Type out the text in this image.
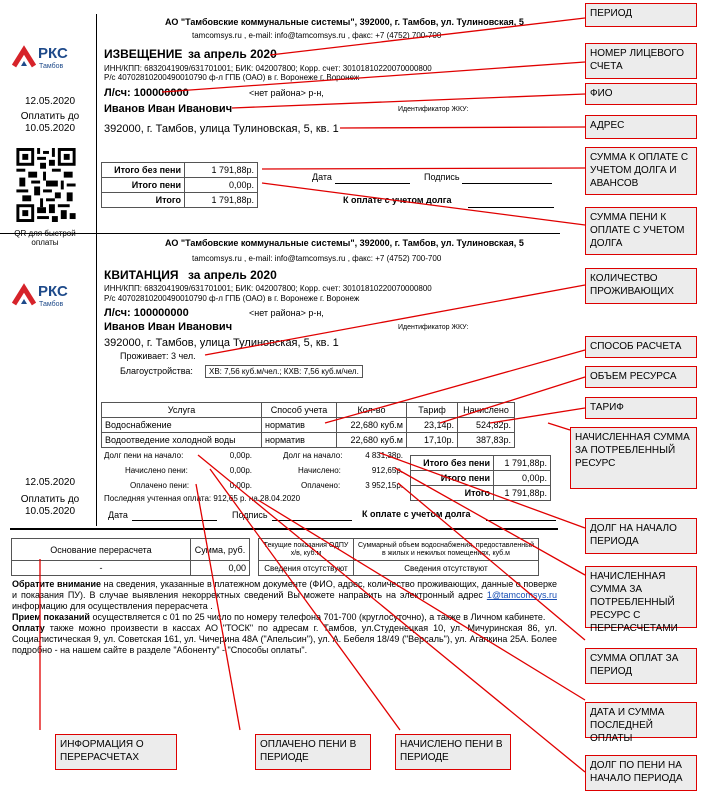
РКС
Тамбов
12.05.2020
Оплатить до
10.05.2020
оплаты
АО "Тамбовские коммунальные системы", 392000, г. Тамбов, ул. Тулиновская, 5
tamcomsys.ru , e-mail: info@tamcomsys.ru , факс: +7 (4752) 700-700
ИЗВЕЩЕНИЕ за апрель 2020
ИНН/КПП: 6832041909/631701001; БИК: 042007800; Корр. счет: 30101810220070000800
Р/с 40702810200490010790 ф-л ГПБ (ОАО) в г. Воронеже г. Воронеж
Л/сч: 100000000	<нет района> р-н,
Иванов Иван Иванович	Идентификатор ЖКУ:
392000, г. Тамбов, улица Тулиновская, 5, кв. 1
Итого без пени	1 791,88р.
Итого пени	0,00р.
Итого	1 791,88р.
Дата	Подпись
К оплате с учетом долга
РКС
Тамбов
12.05.2020
Оплатить до
10.05.2020
АО "Тамбовские коммунальные системы", 392000, г. Тамбов, ул. Тулиновская, 5
tamcomsys.ru , e-mail: info@tamcomsys.ru , факс: +7 (4752) 700-700
КВИТАНЦИЯ за апрель 2020
ИНН/КПП: 6832041909/631701001; БИК: 042007800; Корр. счет: 30101810220070000800
Р/с 40702810200490010790 ф-л ГПБ (ОАО) в г. Воронеже г. Воронеж
Л/сч: 100000000	<нет района> р-н,
Иванов Иван Иванович	Идентификатор ЖКУ:
392000, г. Тамбов, улица Тулиновская, 5, кв. 1
Проживает: 3 чел.
Благоустройства:	ХВ: 7,56 куб.м/чел.; КХВ: 7,56 куб.м/чел.
Услуга	Способ учета	Кол-во	Тариф	Начислено
Водоснабжение	норматив	22,680 куб.м	23,14р.	524,82р.
Водоотведение холодной воды	норматив	22,680 куб.м	17,10р.	387,83р.
Долг пени на начало:	0,00р.
Начислено пени:	0,00р.
Оплачено пени:	0,00р.
Долг на начало:	4 831,38р.
Начислено:	912,65р.
Оплачено:	3 952,15р.
Итого без пени	1 791,88р.
Итого пени	0,00р.
Итого	1 791,88р.
Последняя учтенная оплата: 912,65 р. на 28.04.2020
Дата	Подпись	К оплате с учетом долга
Основание перерасчета	Сумма, руб.
-	0,00
Текущие показания ОДПУ х/в, куб.м	Суммарный объем водоснабжения, предоставленный в жилых и нежилых помещениях, куб.м
Сведения отсутствуют	Сведения отсутствуют
Обратите внимание на сведения, указанные в платежном документе (ФИО, адрес, количество проживающих, данные о поверке и показания ПУ). В случае выявления некорректных сведений Вы можете направить на электронный адрес 1@tamcomsys.ru информацию для осуществления перерасчета .
Прием показаний осуществляется с 01 по 25 число по номеру телефона 701-700 (круглосуточно), а также в Личном кабинете.
Оплату также можно произвести в кассах АО "ТОСК" по адресам г. Тамбов, ул.Студенецкая 10, ул. Мичуринская 86, ул. Социалистическая 9, ул. Советская 161, ул. Чичерина 48А ("Апельсин"), ул. А. Бебеля 18/49 ("Версаль"), ул. Агапкина 25А. Более подробно - на нашем сайте в разделе "Абоненту" - "Способы оплаты".
ПЕРИОД
НОМЕР ЛИЦЕВОГО СЧЕТА
ФИО
АДРЕС
СУММА К ОПЛАТЕ С УЧЕТОМ ДОЛГА И АВАНСОВ
СУММА ПЕНИ К ОПЛАТЕ С УЧЕТОМ ДОЛГА
КОЛИЧЕСТВО ПРОЖИВАЮЩИХ
СПОСОБ РАСЧЕТА
ОБЪЕМ РЕСУРСА
ТАРИФ
НАЧИСЛЕННАЯ СУММА ЗА ПОТРЕБЛЕННЫЙ РЕСУРС
ДОЛГ НА НАЧАЛО ПЕРИОДА
НАЧИСЛЕННАЯ СУММА ЗА ПОТРЕБЛЕННЫЙ РЕСУРС С ПЕРЕРАСЧЕТАМИ
СУММА ОПЛАТ ЗА ПЕРИОД
ДАТА И СУММА ПОСЛЕДНЕЙ ОПЛАТЫ
ДОЛГ ПО ПЕНИ НА НАЧАЛО ПЕРИОДА
ИНФОРМАЦИЯ О ПЕРЕРАСЧЕТАХ
ОПЛАЧЕНО ПЕНИ В ПЕРИОДЕ
НАЧИСЛЕНО ПЕНИ В ПЕРИОДЕ
